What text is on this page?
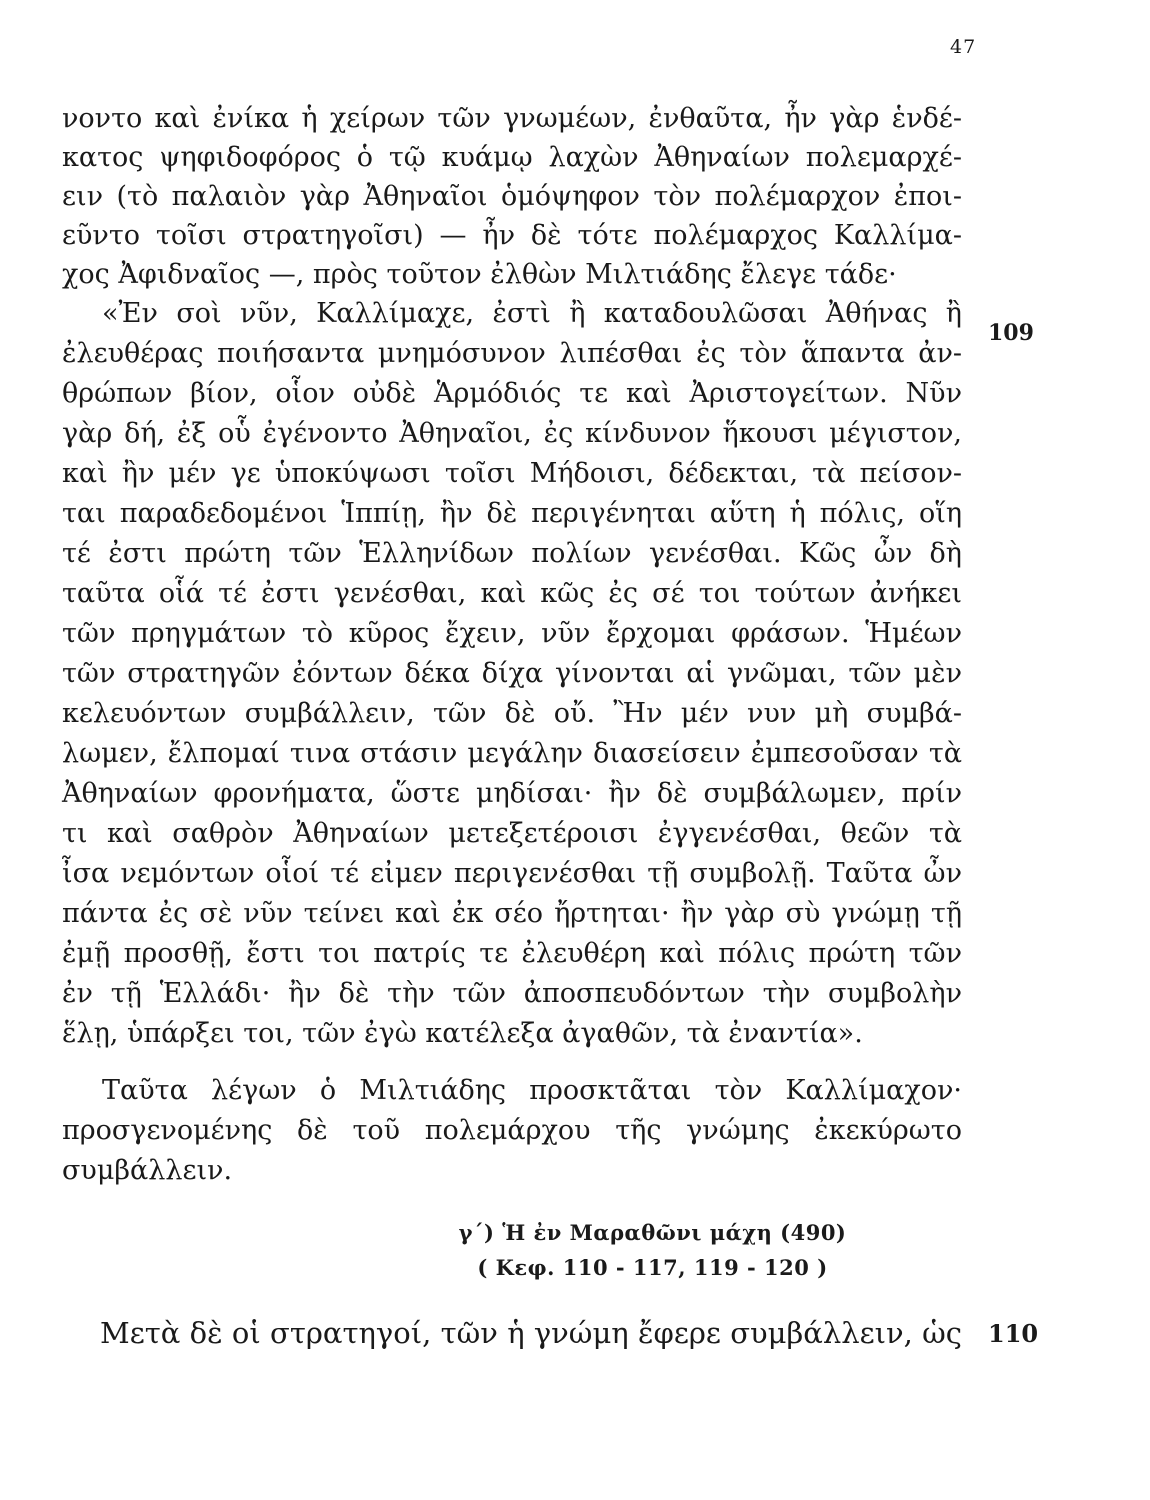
47
νοντο καὶ ἐνίκα ἡ χείρων τῶν γνωμέων, ἐνθαῦτα, ἦν γὰρ ἑνδέ-
κατος ψηφιδοφόρος ὁ τῷ κυάμῳ λαχὼν Ἀθηναίων πολεμαρχέ-
ειν (τὸ παλαιὸν γὰρ Ἀθηναῖοι ὁμόψηφον τὸν πολέμαρχον ἐποι-
εῦντο τοῖσι στρατηγοῖσι) — ἦν δὲ τότε πολέμαρχος Καλλίμα-
χος Ἀφιδναῖος —, πρὸς τοῦτον ἐλθὼν Μιλτιάδης ἔλεγε τάδε·
«Ἐν σοὶ νῦν, Καλλίμαχε, ἐστὶ ἢ καταδουλῶσαι Ἀθήνας ἢ
ἐλευθέρας ποιήσαντα μνημόσυνον λιπέσθαι ἐς τὸν ἅπαντα ἀν-
θρώπων βίον, οἷον οὐδὲ Ἁρμόδιός τε καὶ Ἀριστογείτων. Νῦν
γὰρ δή, ἐξ οὗ ἐγένοντο Ἀθηναῖοι, ἐς κίνδυνον ἥκουσι μέγιστον,
καὶ ἢν μέν γε ὑποκύψωσι τοῖσι Μήδοισι, δέδεκται, τὰ πείσον-
ται παραδεδομένοι Ἱππίῃ, ἢν δὲ περιγένηται αὕτη ἡ πόλις, οἵη
τέ ἐστι πρώτη τῶν Ἑλληνίδων πολίων γενέσθαι. Κῶς ὦν δὴ
ταῦτα οἷά τέ ἐστι γενέσθαι, καὶ κῶς ἐς σέ τοι τούτων ἀνήκει
τῶν πρηγμάτων τὸ κῦρος ἔχειν, νῦν ἔρχομαι φράσων. Ἡμέων
τῶν στρατηγῶν ἐόντων δέκα δίχα γίνονται αἱ γνῶμαι, τῶν μὲν
κελευόντων συμβάλλειν, τῶν δὲ οὔ. Ἢν μέν νυν μὴ συμβά-
λωμεν, ἔλπομαί τινα στάσιν μεγάλην διασείσειν ἐμπεσοῦσαν τὰ
Ἀθηναίων φρονήματα, ὥστε μηδίσαι· ἢν δὲ συμβάλωμεν, πρίν
τι καὶ σαθρὸν Ἀθηναίων μετεξετέροισι ἐγγενέσθαι, θεῶν τὰ
ἶσα νεμόντων οἷοί τέ εἰμεν περιγενέσθαι τῇ συμβολῇ. Ταῦτα ὦν
πάντα ἐς σὲ νῦν τείνει καὶ ἐκ σέο ἤρτηται· ἢν γὰρ σὺ γνώμῃ τῇ
ἐμῇ προσθῇ, ἔστι τοι πατρίς τε ἐλευθέρη καὶ πόλις πρώτη τῶν
ἐν τῇ Ἑλλάδι· ἢν δὲ τὴν τῶν ἀποσπευδόντων τὴν συμβολὴν
ἕλῃ, ὑπάρξει τοι, τῶν ἐγὼ κατέλεξα ἀγαθῶν, τὰ ἐναντία».
109
Ταῦτα λέγων ὁ Μιλτιάδης προσκτᾶται τὸν Καλλίμαχον·
προσγενομένης δὲ τοῦ πολεμάρχου τῆς γνώμης ἐκεκύρωτο
συμβάλλειν.
γ΄) Ἡ ἐν Μαραθῶνι μάχη (490)
( Κεφ. 110 - 117, 119 - 120 )
Μετὰ δὲ οἱ στρατηγοί, τῶν ἡ γνώμη ἔφερε συμβάλλειν, ὡς 110
